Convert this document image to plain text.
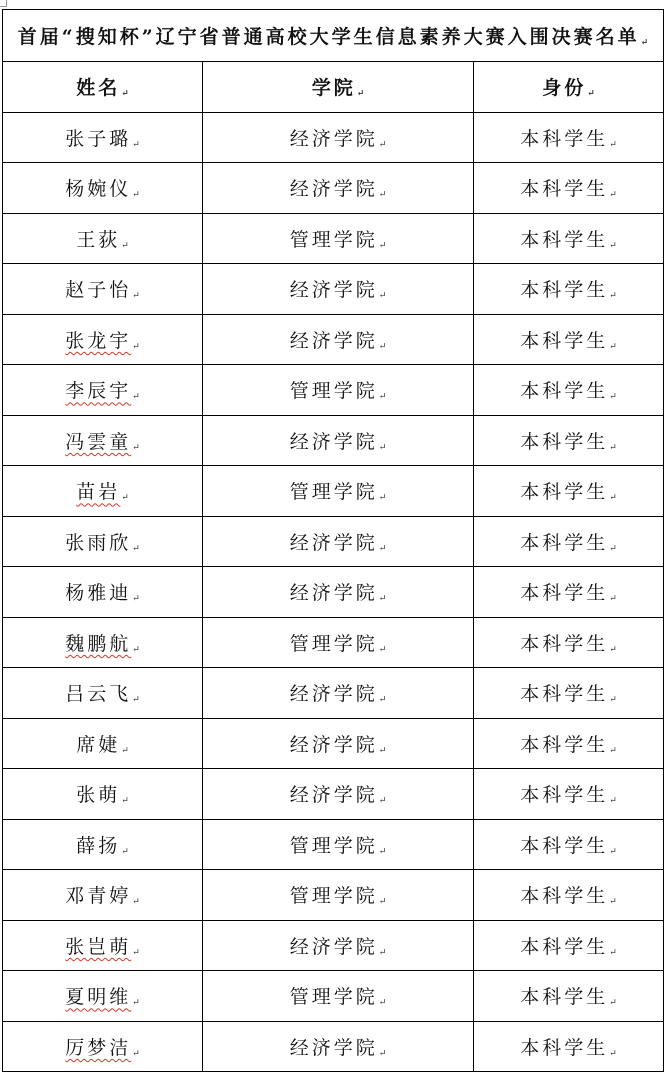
首届“搜知杯”辽宁省普通高校大学生信息素养大赛入围决赛名单↵		
姓名↵	学院↵	身份↵
张子璐↵	经济学院↵	本科学生↵
杨婉仪↵	经济学院↵	本科学生↵
王荻↵	管理学院↵	本科学生↵
赵子怡↵	经济学院↵	本科学生↵
张龙宇↵	经济学院↵	本科学生↵
李辰宇↵	管理学院↵	本科学生↵
冯雲童↵	经济学院↵	本科学生↵
苗岩↵	管理学院↵	本科学生↵
张雨欣↵	经济学院↵	本科学生↵
杨雅迪↵	经济学院↵	本科学生↵
魏鹏航↵	管理学院↵	本科学生↵
吕云飞↵	经济学院↵	本科学生↵
席婕↵	经济学院↵	本科学生↵
张萌↵	经济学院↵	本科学生↵
薛扬↵	管理学院↵	本科学生↵
邓青婷↵	管理学院↵	本科学生↵
张岂萌↵	经济学院↵	本科学生↵
夏明维↵	管理学院↵	本科学生↵
厉梦洁↵	经济学院↵	本科学生↵
